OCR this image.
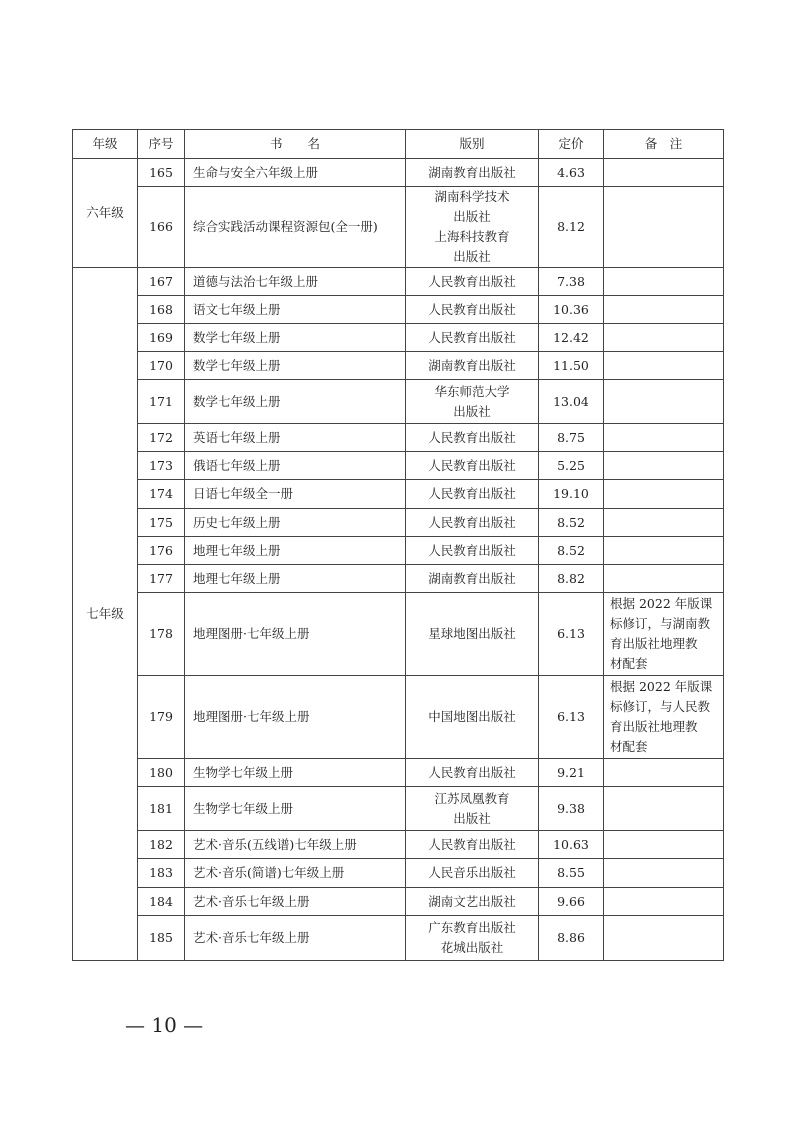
年级	序号	书　　名	版别	定价	备　注
六年级	165	生命与安全六年级上册	湖南教育出版社	4.63	
	166	综合实践活动课程资源包(全一册)	湖南科学技术
出版社
上海科技教育
出版社	8.12	
七年级	167	道德与法治七年级上册	人民教育出版社	7.38	
	168	语文七年级上册	人民教育出版社	10.36	
	169	数学七年级上册	人民教育出版社	12.42	
	170	数学七年级上册	湖南教育出版社	11.50	
	171	数学七年级上册	华东师范大学
出版社	13.04	
	172	英语七年级上册	人民教育出版社	8.75	
	173	俄语七年级上册	人民教育出版社	5.25	
	174	日语七年级全一册	人民教育出版社	19.10	
	175	历史七年级上册	人民教育出版社	8.52	
	176	地理七年级上册	人民教育出版社	8.52	
	177	地理七年级上册	湖南教育出版社	8.82	
	178	地理图册·七年级上册	星球地图出版社	6.13	根据 2022 年版课
标修订，与湖南教
育出版社地理教
材配套
	179	地理图册·七年级上册	中国地图出版社	6.13	根据 2022 年版课
标修订，与人民教
育出版社地理教
材配套
	180	生物学七年级上册	人民教育出版社	9.21	
	181	生物学七年级上册	江苏凤凰教育
出版社	9.38	
	182	艺术·音乐(五线谱)七年级上册	人民教育出版社	10.63	
	183	艺术·音乐(简谱)七年级上册	人民音乐出版社	8.55	
	184	艺术·音乐七年级上册	湖南文艺出版社	9.66	
	185	艺术·音乐七年级上册	广东教育出版社
花城出版社	8.86	
— 10 —
